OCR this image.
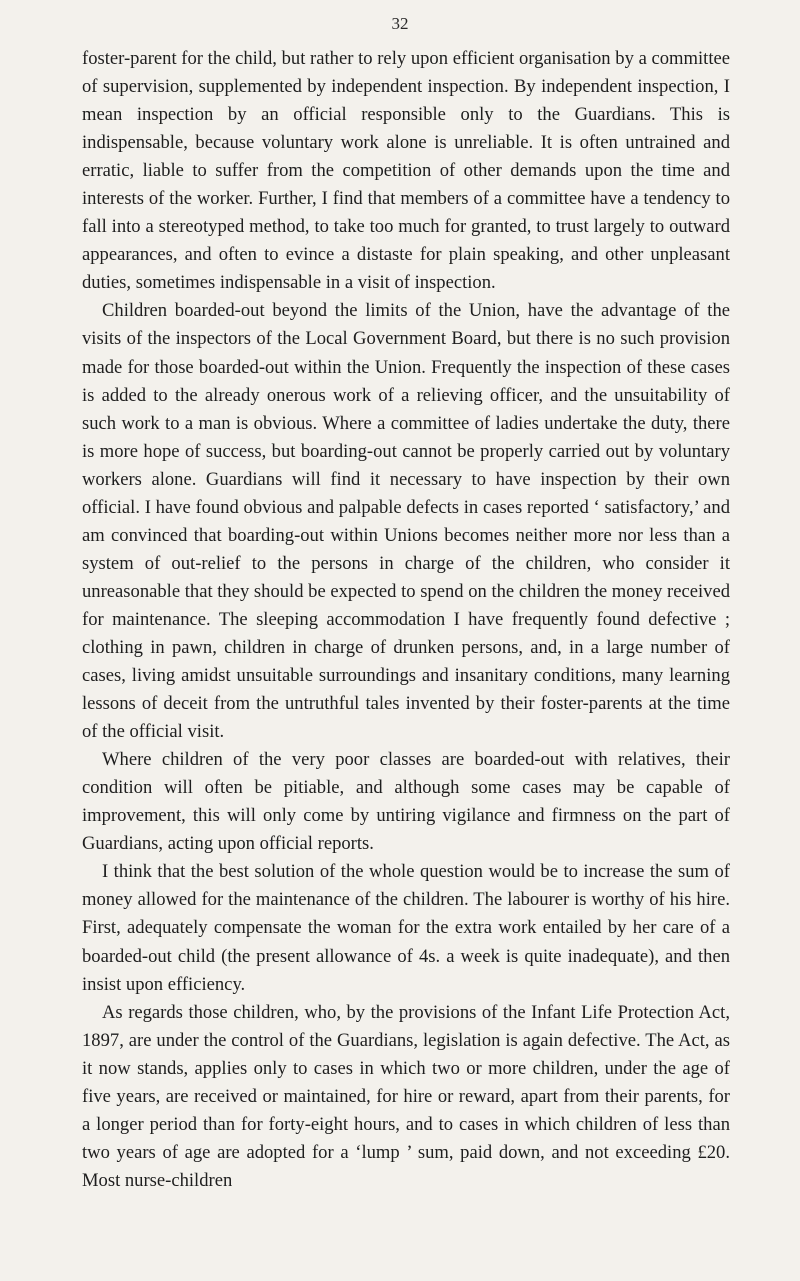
32

foster-parent for the child, but rather to rely upon efficient organisation by a committee of supervision, supplemented by independent inspection. By independent inspection, I mean inspection by an official responsible only to the Guardians. This is indispensable, because voluntary work alone is unreliable. It is often untrained and erratic, liable to suffer from the competition of other demands upon the time and interests of the worker. Further, I find that members of a committee have a tendency to fall into a stereotyped method, to take too much for granted, to trust largely to outward appearances, and often to evince a distaste for plain speaking, and other unpleasant duties, sometimes indispensable in a visit of inspection.

Children boarded-out beyond the limits of the Union, have the advantage of the visits of the inspectors of the Local Government Board, but there is no such provision made for those boarded-out within the Union. Frequently the inspection of these cases is added to the already onerous work of a relieving officer, and the unsuitability of such work to a man is obvious. Where a committee of ladies undertake the duty, there is more hope of success, but boarding-out cannot be properly carried out by voluntary workers alone. Guardians will find it necessary to have inspection by their own official. I have found obvious and palpable defects in cases reported ‘ satisfactory,’ and am convinced that boarding-out within Unions becomes neither more nor less than a system of out-relief to the persons in charge of the children, who consider it unreasonable that they should be expected to spend on the children the money received for maintenance. The sleeping accommodation I have frequently found defective ; clothing in pawn, children in charge of drunken persons, and, in a large number of cases, living amidst unsuitable surroundings and insanitary conditions, many learning lessons of deceit from the untruthful tales invented by their foster-parents at the time of the official visit.

Where children of the very poor classes are boarded-out with relatives, their condition will often be pitiable, and although some cases may be capable of improvement, this will only come by untiring vigilance and firmness on the part of Guardians, acting upon official reports.

I think that the best solution of the whole question would be to increase the sum of money allowed for the maintenance of the children. The labourer is worthy of his hire. First, adequately compensate the woman for the extra work entailed by her care of a boarded-out child (the present allowance of 4s. a week is quite inadequate), and then insist upon efficiency.

As regards those children, who, by the provisions of the Infant Life Protection Act, 1897, are under the control of the Guardians, legislation is again defective. The Act, as it now stands, applies only to cases in which two or more children, under the age of five years, are received or maintained, for hire or reward, apart from their parents, for a longer period than for forty-eight hours, and to cases in which children of less than two years of age are adopted for a ‘lump ’ sum, paid down, and not exceeding £20. Most nurse-children
